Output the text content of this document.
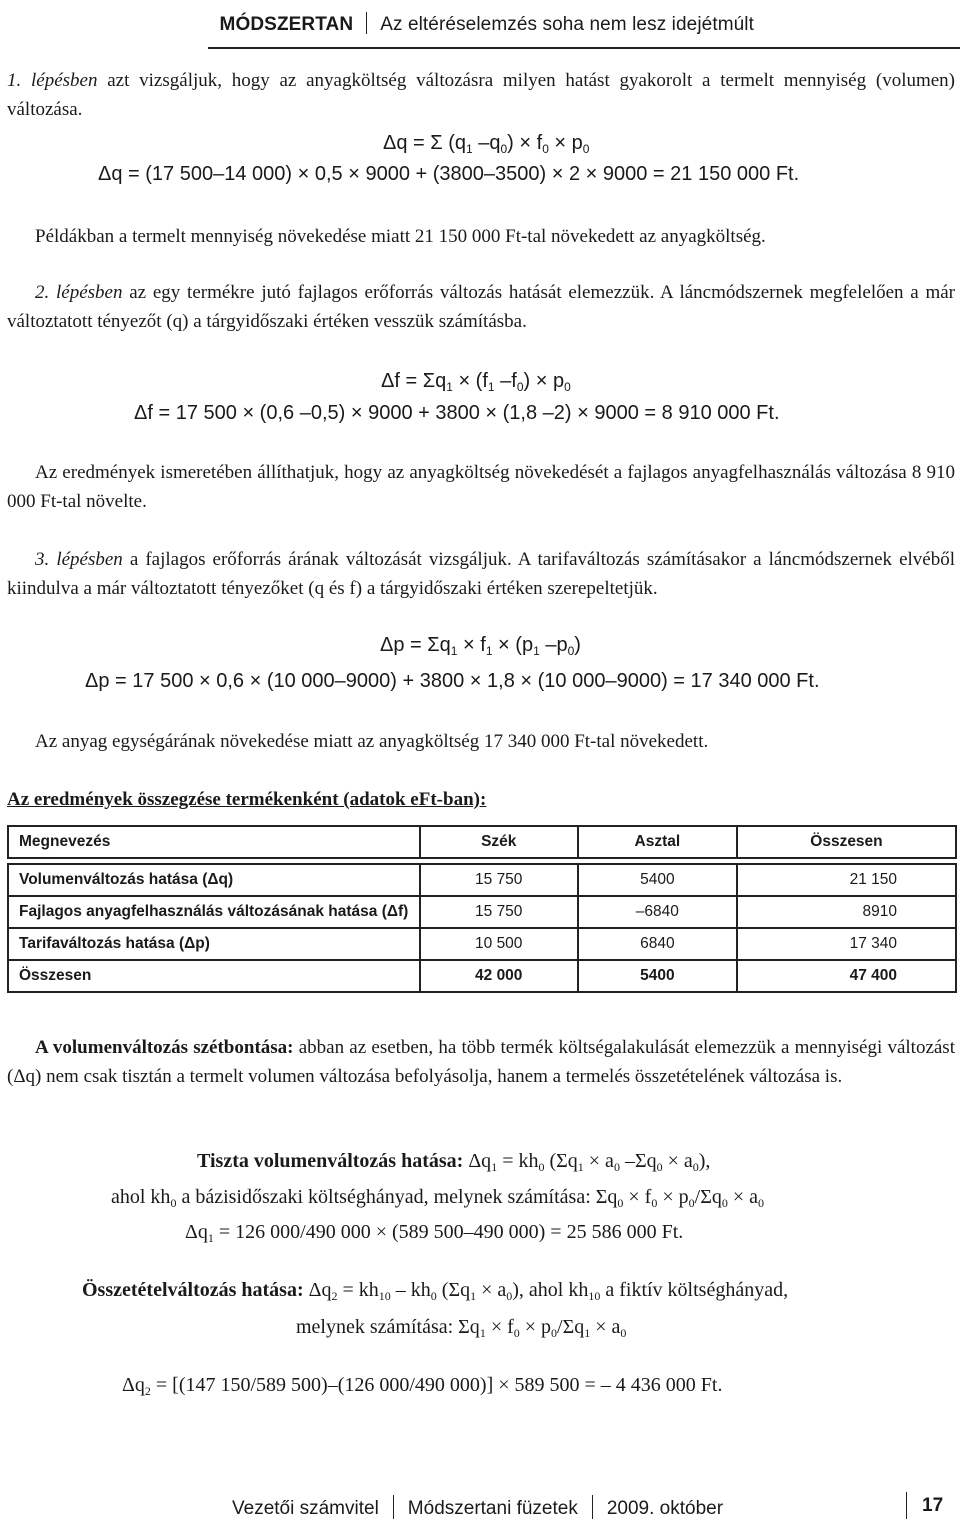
MÓDSZERTAN Az eltéréselemzés soha nem lesz idejétmúlt
1. lépésben azt vizsgáljuk, hogy az anyagköltség változásra milyen hatást gyakorolt a termelt mennyiség (volumen) változása.
Δq = Σ ($q_1$ $-q_0) \times f_0 \times p_0$
Δq = (17 500–14 000) × 0,5 × 9000 + (3800–3500) × 2 × 9000 = 21 150 000 Ft.
Példákban a termelt mennyiség növekedése miatt 21 150 000 Ft-tal növekedett az anyagköltség.
2. lépésben az egy termékre jutó fajlagos erőforrás változás hatását elemezzük. A láncmódszernek megfelelően a már változtatott tényezőt (q) a tárgyidőszaki értéken vesszük számításba.
$\Delta f = \Sigma q_1 \times (f_1$ $-f_0) \times p_0$
Δf = 17 500 × (0,6 –0,5) × 9000 + 3800 × (1,8 –2) × 9000 = 8 910 000 Ft.
Az eredmények ismeretében állíthatjuk, hogy az anyagköltség növekedését a fajlagos anyagfelhasználás változása 8 910 000 Ft-tal növelte.
3. lépésben a fajlagos erőforrás árának változását vizsgáljuk. A tarifaváltozás számításakor a láncmódszernek elvéből kiindulva a már változtatott tényezőket (q és f) a tárgyidőszaki értéken szerepeltetjük.
$\Delta p = \Sigma q_1 \times f_1 \times (p_1$ $-p_0$)
Δp = 17 500 × 0,6 × (10 000–9000) + 3800 × 1,8 × (10 000–9000) = 17 340 000 Ft.
Az anyag egységárának növekedése miatt az anyagköltség 17 340 000 Ft-tal növekedett.
Az eredmények összegzése termékenként (adatok eFt-ban):
Megnevezés	Szék	Asztal	Összesen

Volumenváltozás hatása (Δq)	15 750	5400	21 150
Fajlagos anyagfelhasználás változásának hatása (Δf)	15 750	–6840	8910
Tarifaváltozás hatása (Δp)	10 500	6840	17 340
Összesen	42 000	5400	47 400
A volumenváltozás szétbontása: abban az esetben, ha több termék költségalakulását elemezzük a mennyiségi változást (Δq) nem csak tisztán a termelt volumen változása befolyásolja, hanem a termelés összetételének változása is.
Tiszta volumenváltozás hatása: $\Delta q_1 = kh_0$ ($\Sigma q_1 \times a_0$ $-\Sigma q_0 \times a_0$),
ahol $kh_0$ a bázisidőszaki költséghányad, melynek számítása: $\Sigma q_0 \times f_0 \times p_0/\Sigma q_0 \times a_0$
$\Delta q_1 = 126$ 000/490 000 × (589 500–490 000) = 25 586 000 Ft.
Összetételváltozás hatása: $\Delta q_2 = kh_{10} - kh_0$ $(\Sigma q_1 \times a_0)$, ahol $kh_{10}$ a fiktív költséghányad,
melynek számítása: $\Sigma q_1 \times f_0 \times p_0/\Sigma q_1 \times a_0$
$\Delta q_2 = [(147$ 150/589 500)–(126 000/490 000)] × 589 500 = – 4 436 000 Ft.
Vezetői számvitel Módszertani füzetek 2009. október	17
